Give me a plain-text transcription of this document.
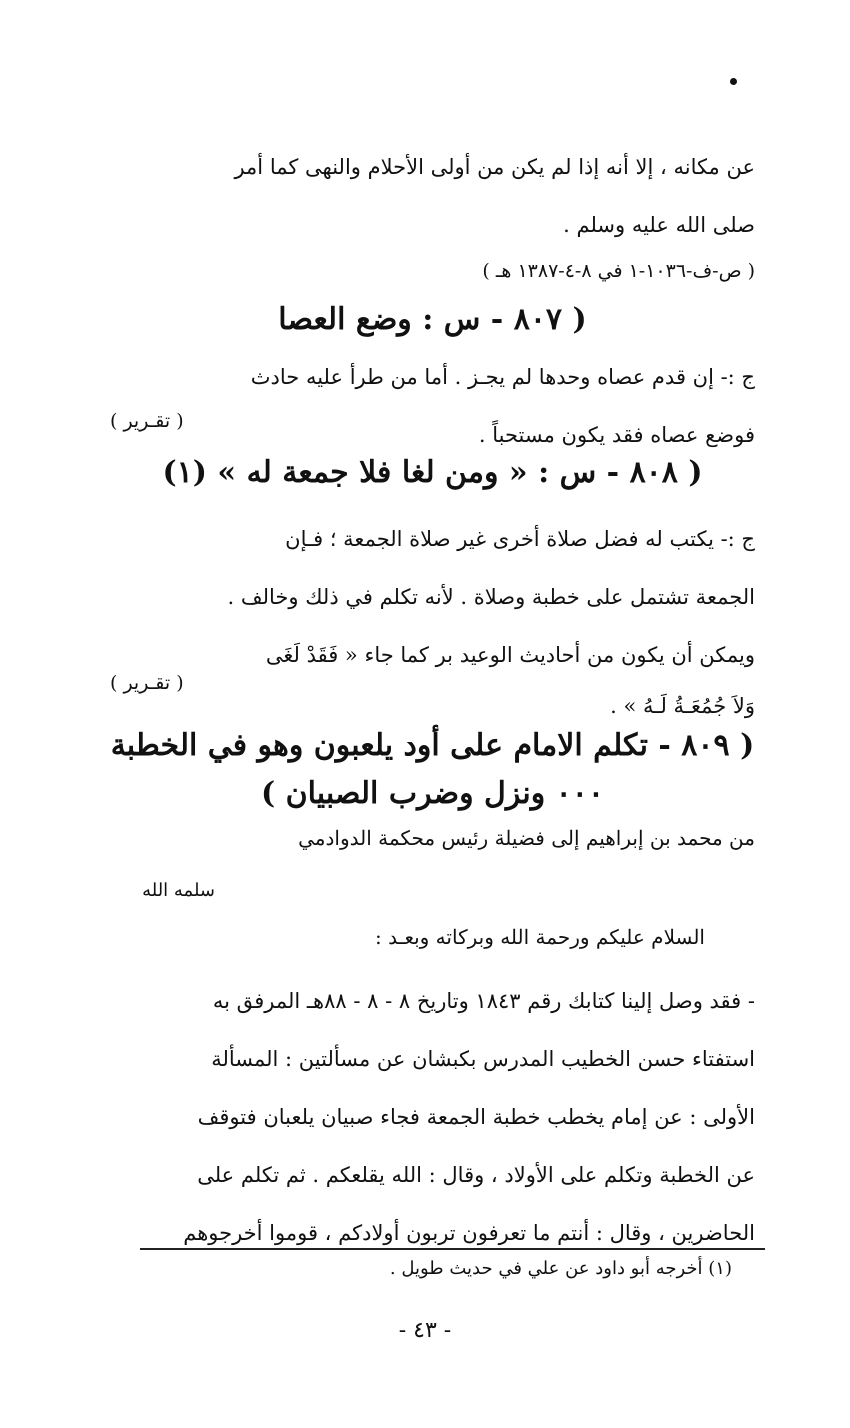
عن مكانه ، إلا أنه إذا لم يكن من أولى الأحلام والنهى كما أمر
صلى الله عليه وسلم .
( ص-ف-١٠٣٦-١ في ٨-٤-١٣٨٧ هـ )
( ٨٠٧ - س : وضع العصا
ج :- إن قدم عصاه وحدها لم يجـز . أما من طرأ عليه حادث
فوضع عصاه فقد يكون مستحباً .
( تقـرير )
( ٨٠٨ - س : « ومن لغا فلا جمعة له » (١)
ج :- يكتب له فضل صلاة أخرى غير صلاة الجمعة ؛ فـإن
الجمعة تشتمل على خطبة وصلاة . لأنه تكلم في ذلك وخالف .
ويمكن أن يكون من أحاديث الوعيد بر كما جاء « فَقَدْ لَغَى
وَلاَ جُمُعَـةُ لَـهُ » .
( تقـرير )
( ٨٠٩ - تكلم الامام على أود يلعبون وهو في الخطبة
٠٠٠ ونزل وضرب الصبيان )
من محمد بن إبراهيم إلى فضيلة رئيس محكمة الدوادمي
سلمه الله
السلام عليكم ورحمة الله وبركاته وبعـد :
- فقد وصل إلينا كتابك رقم ١٨٤٣ وتاريخ ٨ - ٨ - ٨٨هـ المرفق به
استفتاء حسن الخطيب المدرس بكبشان عن مسألتين : المسألة
الأولى : عن إمام يخطب خطبة الجمعة فجاء صبيان يلعبان فتوقف
عن الخطبة وتكلم على الأولاد ، وقال : الله يقلعكم . ثم تكلم على
الحاضرين ، وقال : أنتم ما تعرفون تربون أولادكم ، قوموا أخرجوهم
(١) أخرجه أبو داود عن علي في حديث طويل .
- ٤٣ -
